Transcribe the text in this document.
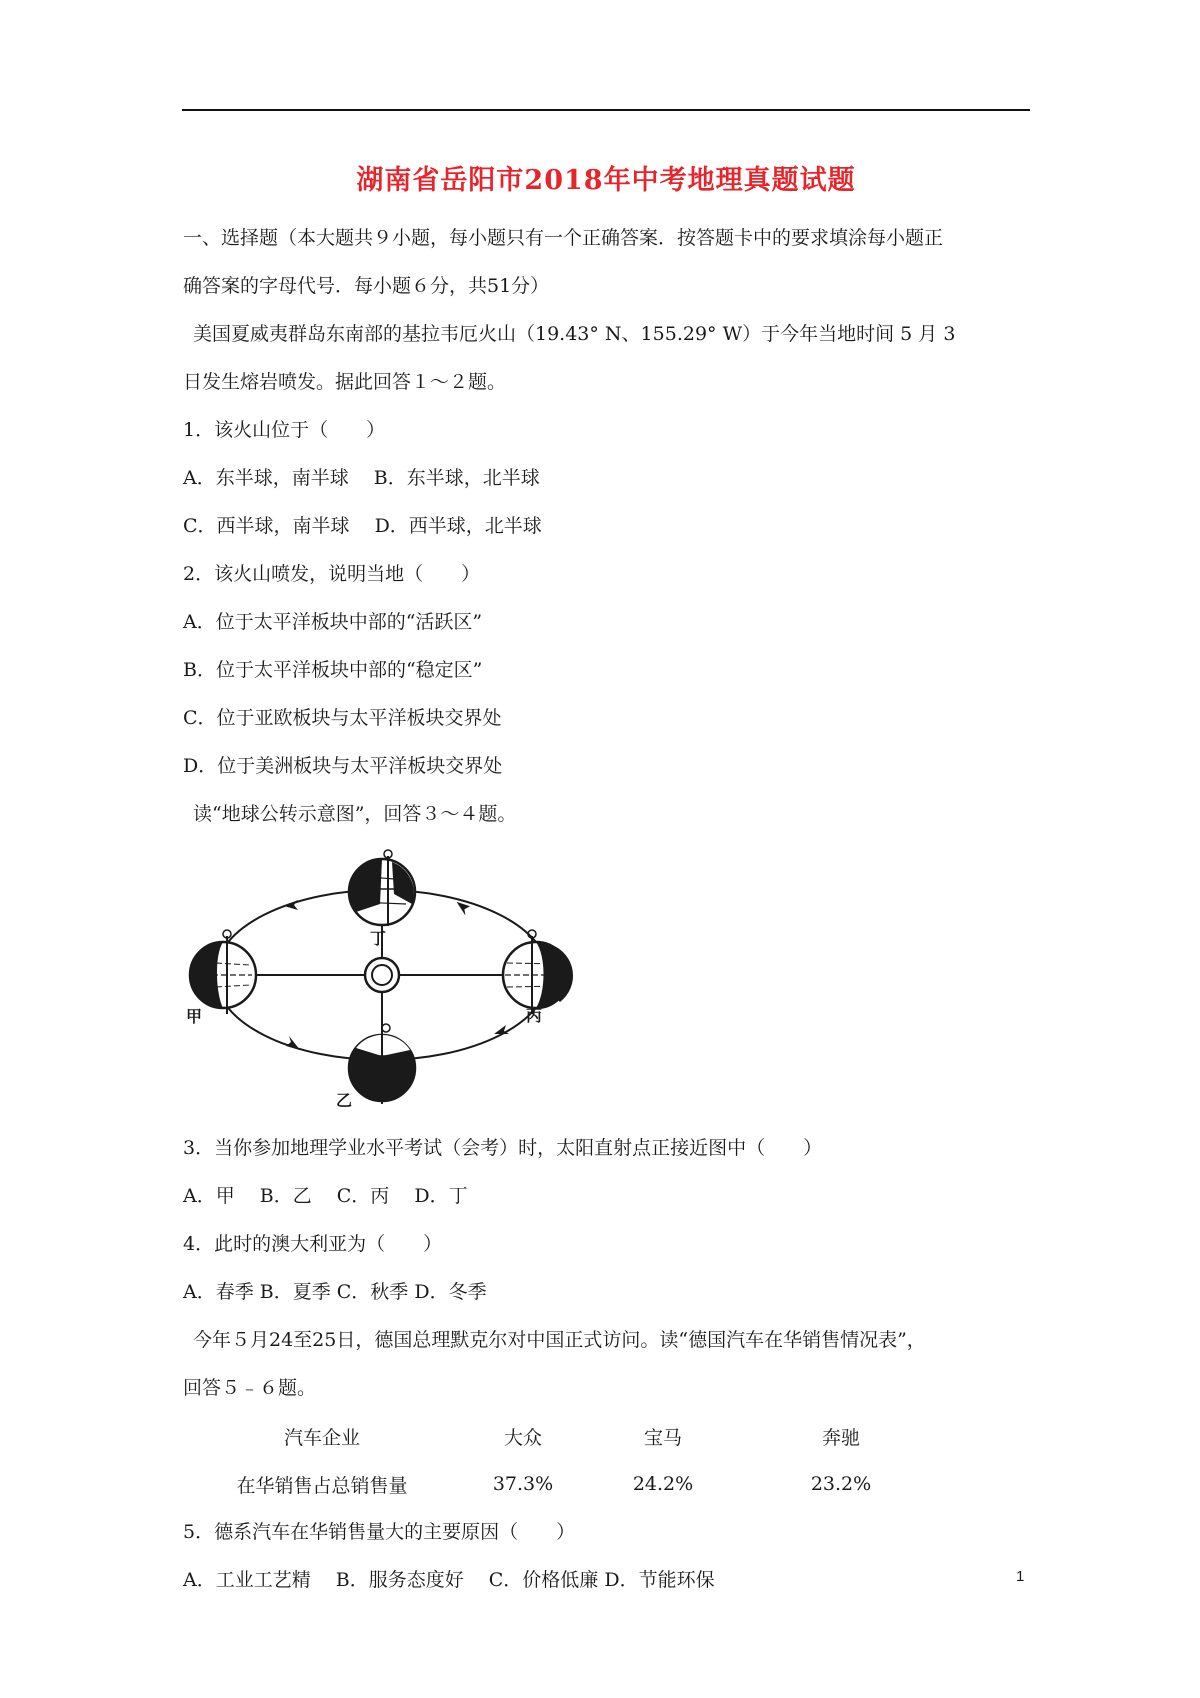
湖南省岳阳市2018年中考地理真题试题

一、选择题（本大题共９小题，每小题只有一个正确答案．按答题卡中的要求填涂每小题正

确答案的字母代号．每小题６分，共51分）

美国夏威夷群岛东南部的基拉韦厄火山（19.43° N、155.29° W）于今年当地时间 5 月 3

日发生熔岩喷发。据此回答１～２题。

1．该火山位于（　　）

A．东半球，南半球　 B．东半球，北半球

C．西半球，南半球　 D．西半球，北半球

2．该火山喷发，说明当地（　　）

A．位于太平洋板块中部的“活跃区”

B．位于太平洋板块中部的“稳定区”

C．位于亚欧板块与太平洋板块交界处

D．位于美洲板块与太平洋板块交界处

读“地球公转示意图”，回答３～４题。

甲
乙
丙
丁

3．当你参加地理学业水平考试（会考）时，太阳直射点正接近图中（　　）

A．甲　 B．乙　 C．丙　 D．丁

4．此时的澳大利亚为（　　）

A．春季 B．夏季 C．秋季 D．冬季

今年５月24至25日，德国总理默克尔对中国正式访问。读“德国汽车在华销售情况表”，

回答５﹣６题。

汽车企业	大众	宝马	奔驰
在华销售占总销售量	37.3%	24.2%	23.2%

5．德系汽车在华销售量大的主要原因（　　）

A．工业工艺精　 B．服务态度好　 C．价格低廉 D．节能环保	1
